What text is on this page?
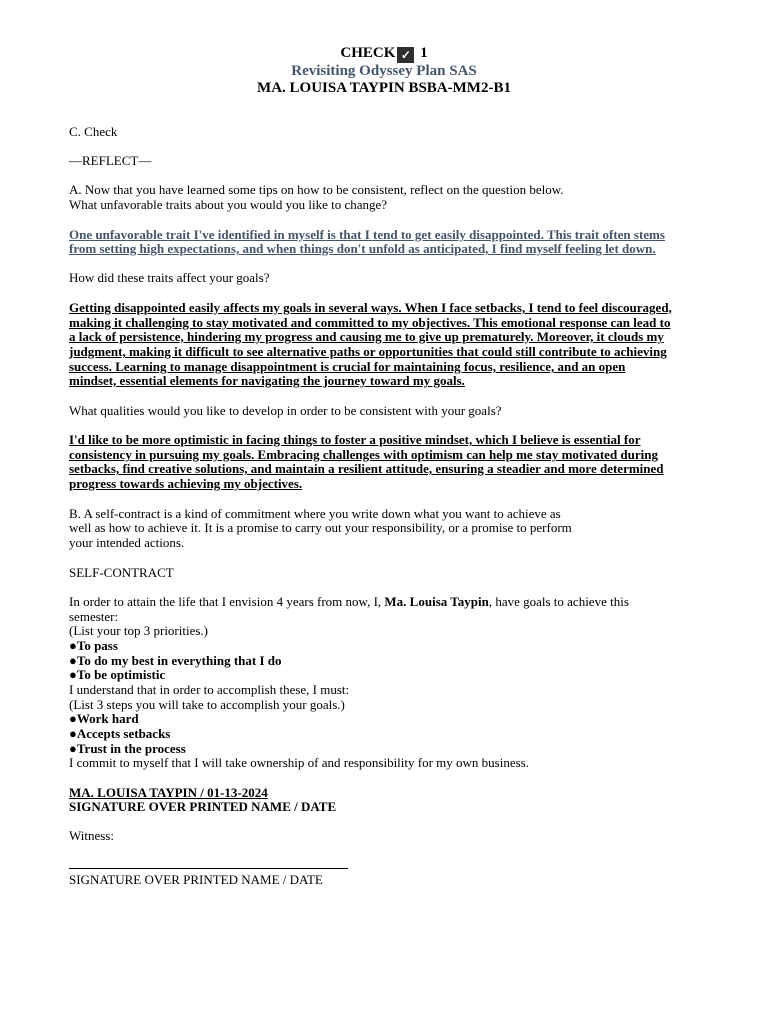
CHECK ✓ 1
Revisiting Odyssey Plan SAS
MA. LOUISA TAYPIN BSBA-MM2-B1
C. Check
—REFLECT—
A. Now that you have learned some tips on how to be consistent, reflect on the question below.
What unfavorable traits about you would you like to change?
One unfavorable trait I've identified in myself is that I tend to get easily disappointed. This trait often stems
from setting high expectations, and when things don't unfold as anticipated, I find myself feeling let down.
How did these traits affect your goals?
Getting disappointed easily affects my goals in several ways. When I face setbacks, I tend to feel discouraged,
making it challenging to stay motivated and committed to my objectives. This emotional response can lead to
a lack of persistence, hindering my progress and causing me to give up prematurely. Moreover, it clouds my
judgment, making it difficult to see alternative paths or opportunities that could still contribute to achieving
success. Learning to manage disappointment is crucial for maintaining focus, resilience, and an open
mindset, essential elements for navigating the journey toward my goals.
What qualities would you like to develop in order to be consistent with your goals?
I'd like to be more optimistic in facing things to foster a positive mindset, which I believe is essential for
consistency in pursuing my goals. Embracing challenges with optimism can help me stay motivated during
setbacks, find creative solutions, and maintain a resilient attitude, ensuring a steadier and more determined
progress towards achieving my objectives.
B. A self-contract is a kind of commitment where you write down what you want to achieve as
well as how to achieve it. It is a promise to carry out your responsibility, or a promise to perform
your intended actions.
SELF-CONTRACT
In order to attain the life that I envision 4 years from now, I, Ma. Louisa Taypin, have goals to achieve this
semester:
(List your top 3 priorities.)
●To pass
●To do my best in everything that I do
●To be optimistic
I understand that in order to accomplish these, I must:
(List 3 steps you will take to accomplish your goals.)
●Work hard
●Accepts setbacks
●Trust in the process
I commit to myself that I will take ownership of and responsibility for my own business.
MA. LOUISA TAYPIN / 01-13-2024
SIGNATURE OVER PRINTED NAME / DATE
Witness:
SIGNATURE OVER PRINTED NAME / DATE
